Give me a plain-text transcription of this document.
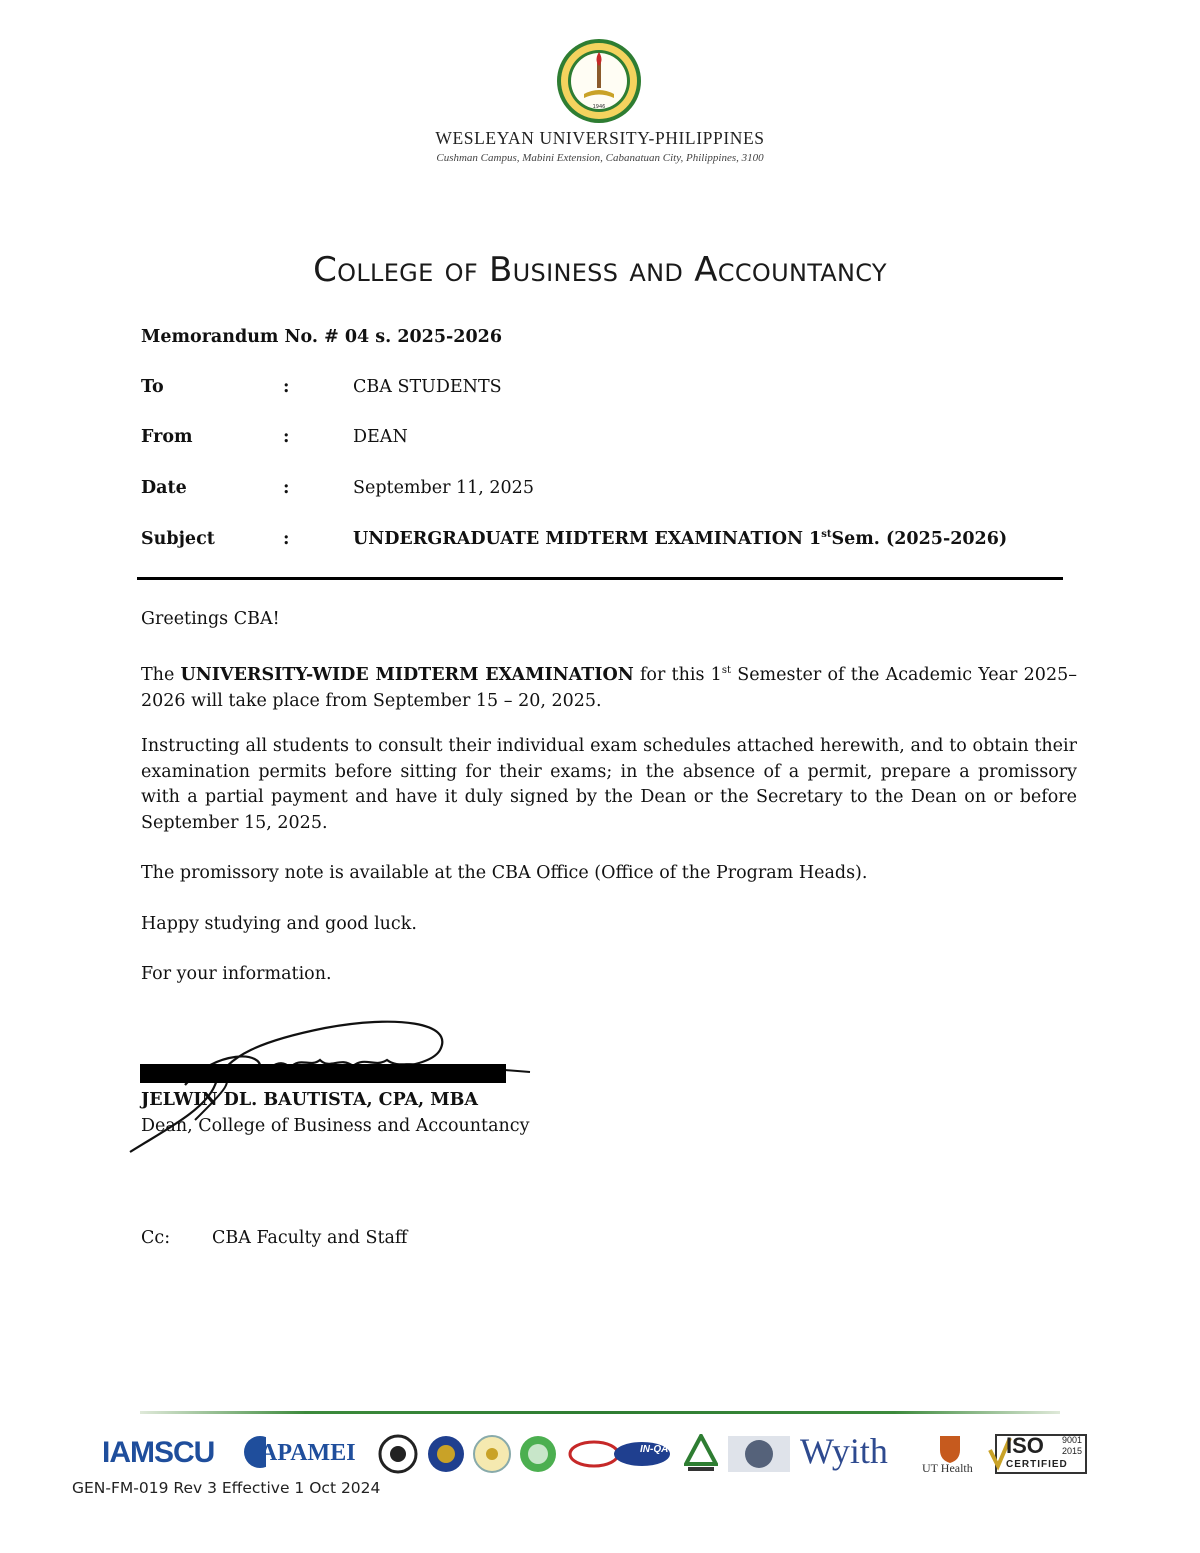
1946
WESLEYAN UNIVERSITY-PHILIPPINES
Cushman Campus, Mabini Extension, Cabanatuan City, Philippines, 3100
College of Business and Accountancy
Memorandum No. # 04 s. 2025-2026
To	:	CBA STUDENTS
From	:	DEAN
Date	:	September 11, 2025
Subject	:	UNDERGRADUATE MIDTERM EXAMINATION 1stSem. (2025-2026)

Greetings CBA!

The UNIVERSITY-WIDE MIDTERM EXAMINATION for this 1st Semester of the Academic Year 2025–2026 will take place from September 15 – 20, 2025.

Instructing all students to consult their individual exam schedules attached herewith, and to obtain their examination permits before sitting for their exams; in the absence of a permit, prepare a promissory with a partial payment and have it duly signed by the Dean or the Secretary to the Dean on or before September 15, 2025.

The promissory note is available at the CBA Office (Office of the Program Heads).

Happy studying and good luck.

For your information.

JELWIN DL. BAUTISTA, CPA, MBA
Dean, College of Business and Accountancy
Cc: CBA Faculty and Staff
IAMSCU APAMEI	IN-QA	Wyith	UT Health
ISO 9001
2015
CERTIFIED
GEN-FM-019 Rev 3 Effective 1 Oct 2024
